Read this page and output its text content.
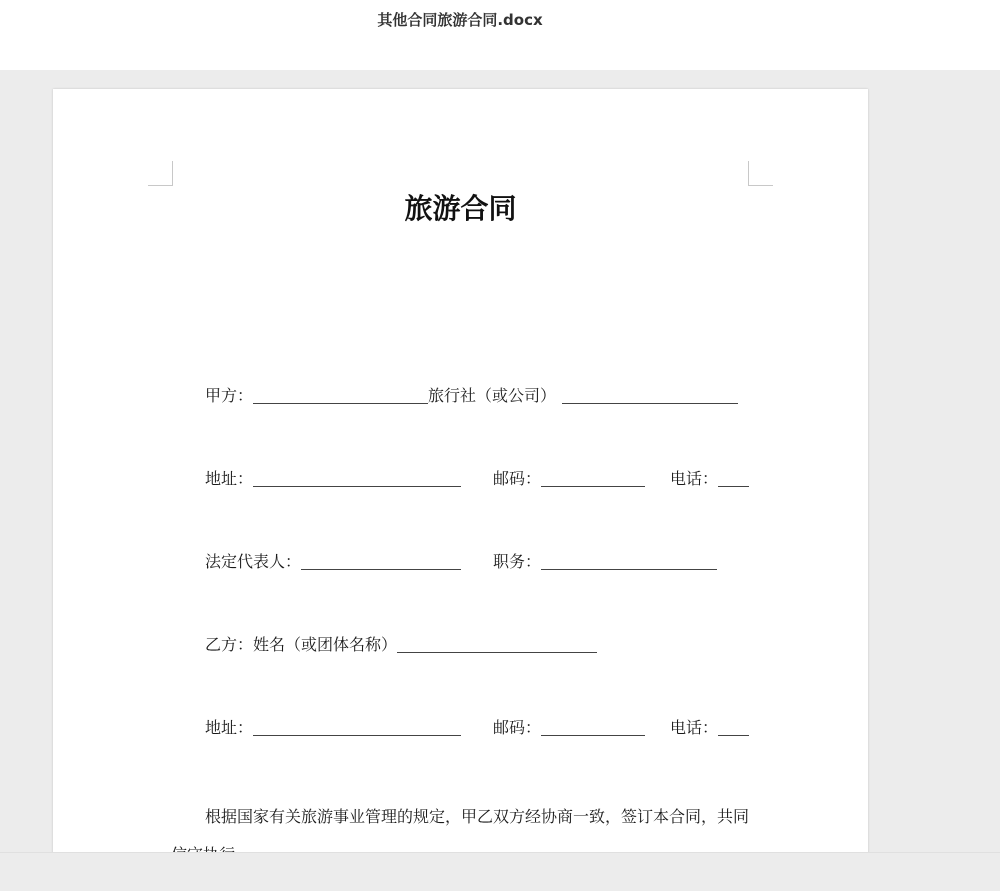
其他合同旅游合同.docx
旅游合同
甲方：	旅行社（或公司）
地址：	邮码：	电话：
法定代表人：	职务：
乙方：姓名（或团体名称）
地址：	邮码：	电话：
根据国家有关旅游事业管理的规定，甲乙双方经协商一致，签订本合同，共同
